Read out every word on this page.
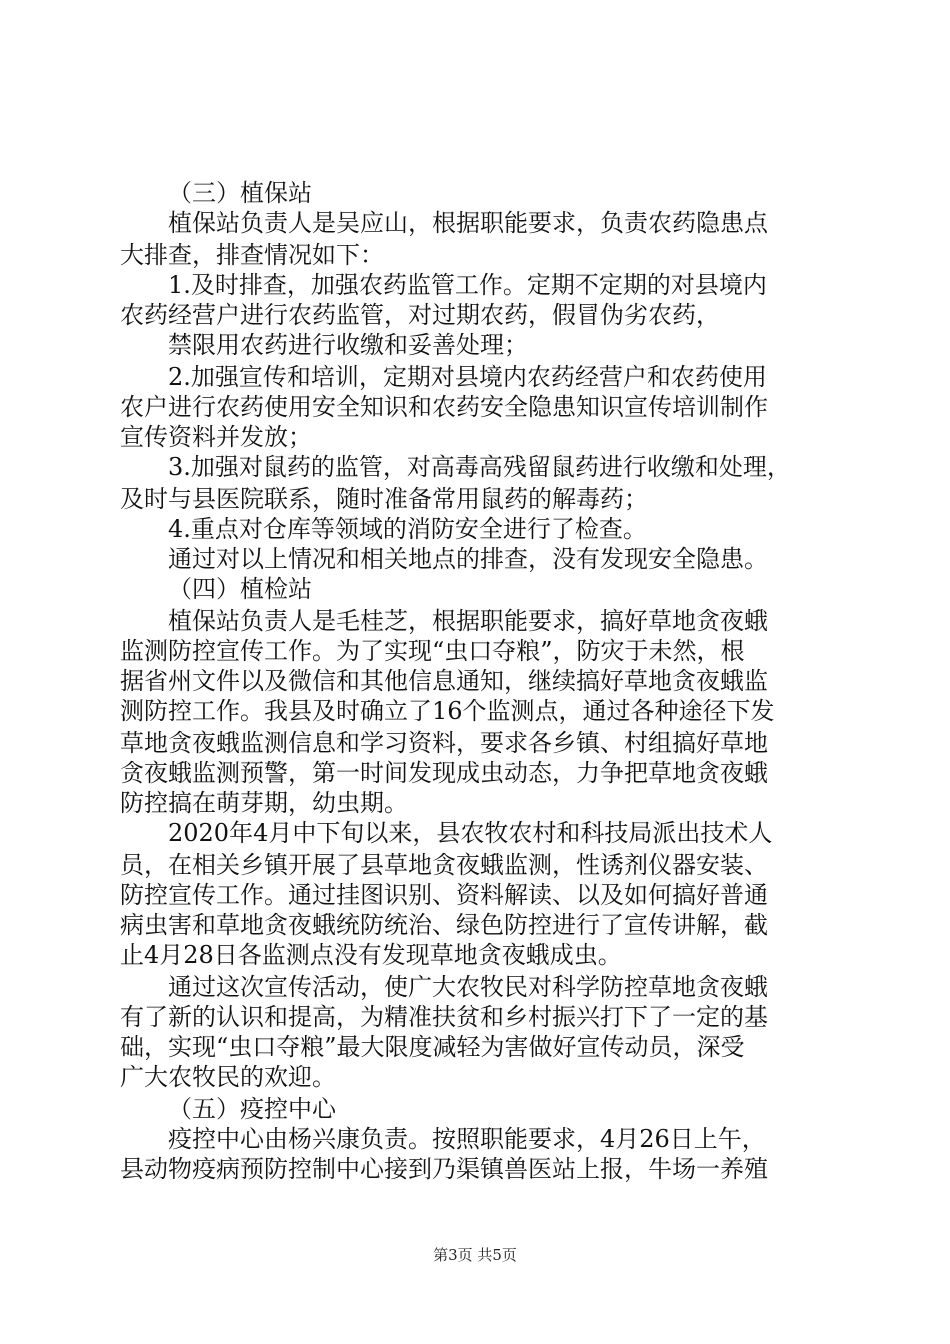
（三）植保站
植保站负责人是吴应山，根据职能要求，负责农药隐患点
大排查，排查情况如下：
1.及时排查，加强农药监管工作。定期不定期的对县境内
农药经营户进行农药监管，对过期农药，假冒伪劣农药，
禁限用农药进行收缴和妥善处理；
2.加强宣传和培训，定期对县境内农药经营户和农药使用
农户进行农药使用安全知识和农药安全隐患知识宣传培训制作
宣传资料并发放；
3.加强对鼠药的监管，对高毒高残留鼠药进行收缴和处理，
及时与县医院联系，随时准备常用鼠药的解毒药；
4.重点对仓库等领域的消防安全进行了检查。
通过对以上情况和相关地点的排查，没有发现安全隐患。
（四）植检站
植保站负责人是毛桂芝，根据职能要求，搞好草地贪夜蛾
监测防控宣传工作。为了实现“虫口夺粮”，防灾于未然，根
据省州文件以及微信和其他信息通知，继续搞好草地贪夜蛾监
测防控工作。我县及时确立了16个监测点，通过各种途径下发
草地贪夜蛾监测信息和学习资料，要求各乡镇、村组搞好草地
贪夜蛾监测预警，第一时间发现成虫动态，力争把草地贪夜蛾
防控搞在萌芽期，幼虫期。
2020年4月中下旬以来，县农牧农村和科技局派出技术人
员，在相关乡镇开展了县草地贪夜蛾监测，性诱剂仪器安装、
防控宣传工作。通过挂图识别、资料解读、以及如何搞好普通
病虫害和草地贪夜蛾统防统治、绿色防控进行了宣传讲解，截
止4月28日各监测点没有发现草地贪夜蛾成虫。
通过这次宣传活动，使广大农牧民对科学防控草地贪夜蛾
有了新的认识和提高，为精准扶贫和乡村振兴打下了一定的基
础，实现“虫口夺粮”最大限度减轻为害做好宣传动员，深受
广大农牧民的欢迎。
（五）疫控中心
疫控中心由杨兴康负责。按照职能要求，4月26日上午，
县动物疫病预防控制中心接到乃渠镇兽医站上报，牛场一养殖
第3页 共5页
